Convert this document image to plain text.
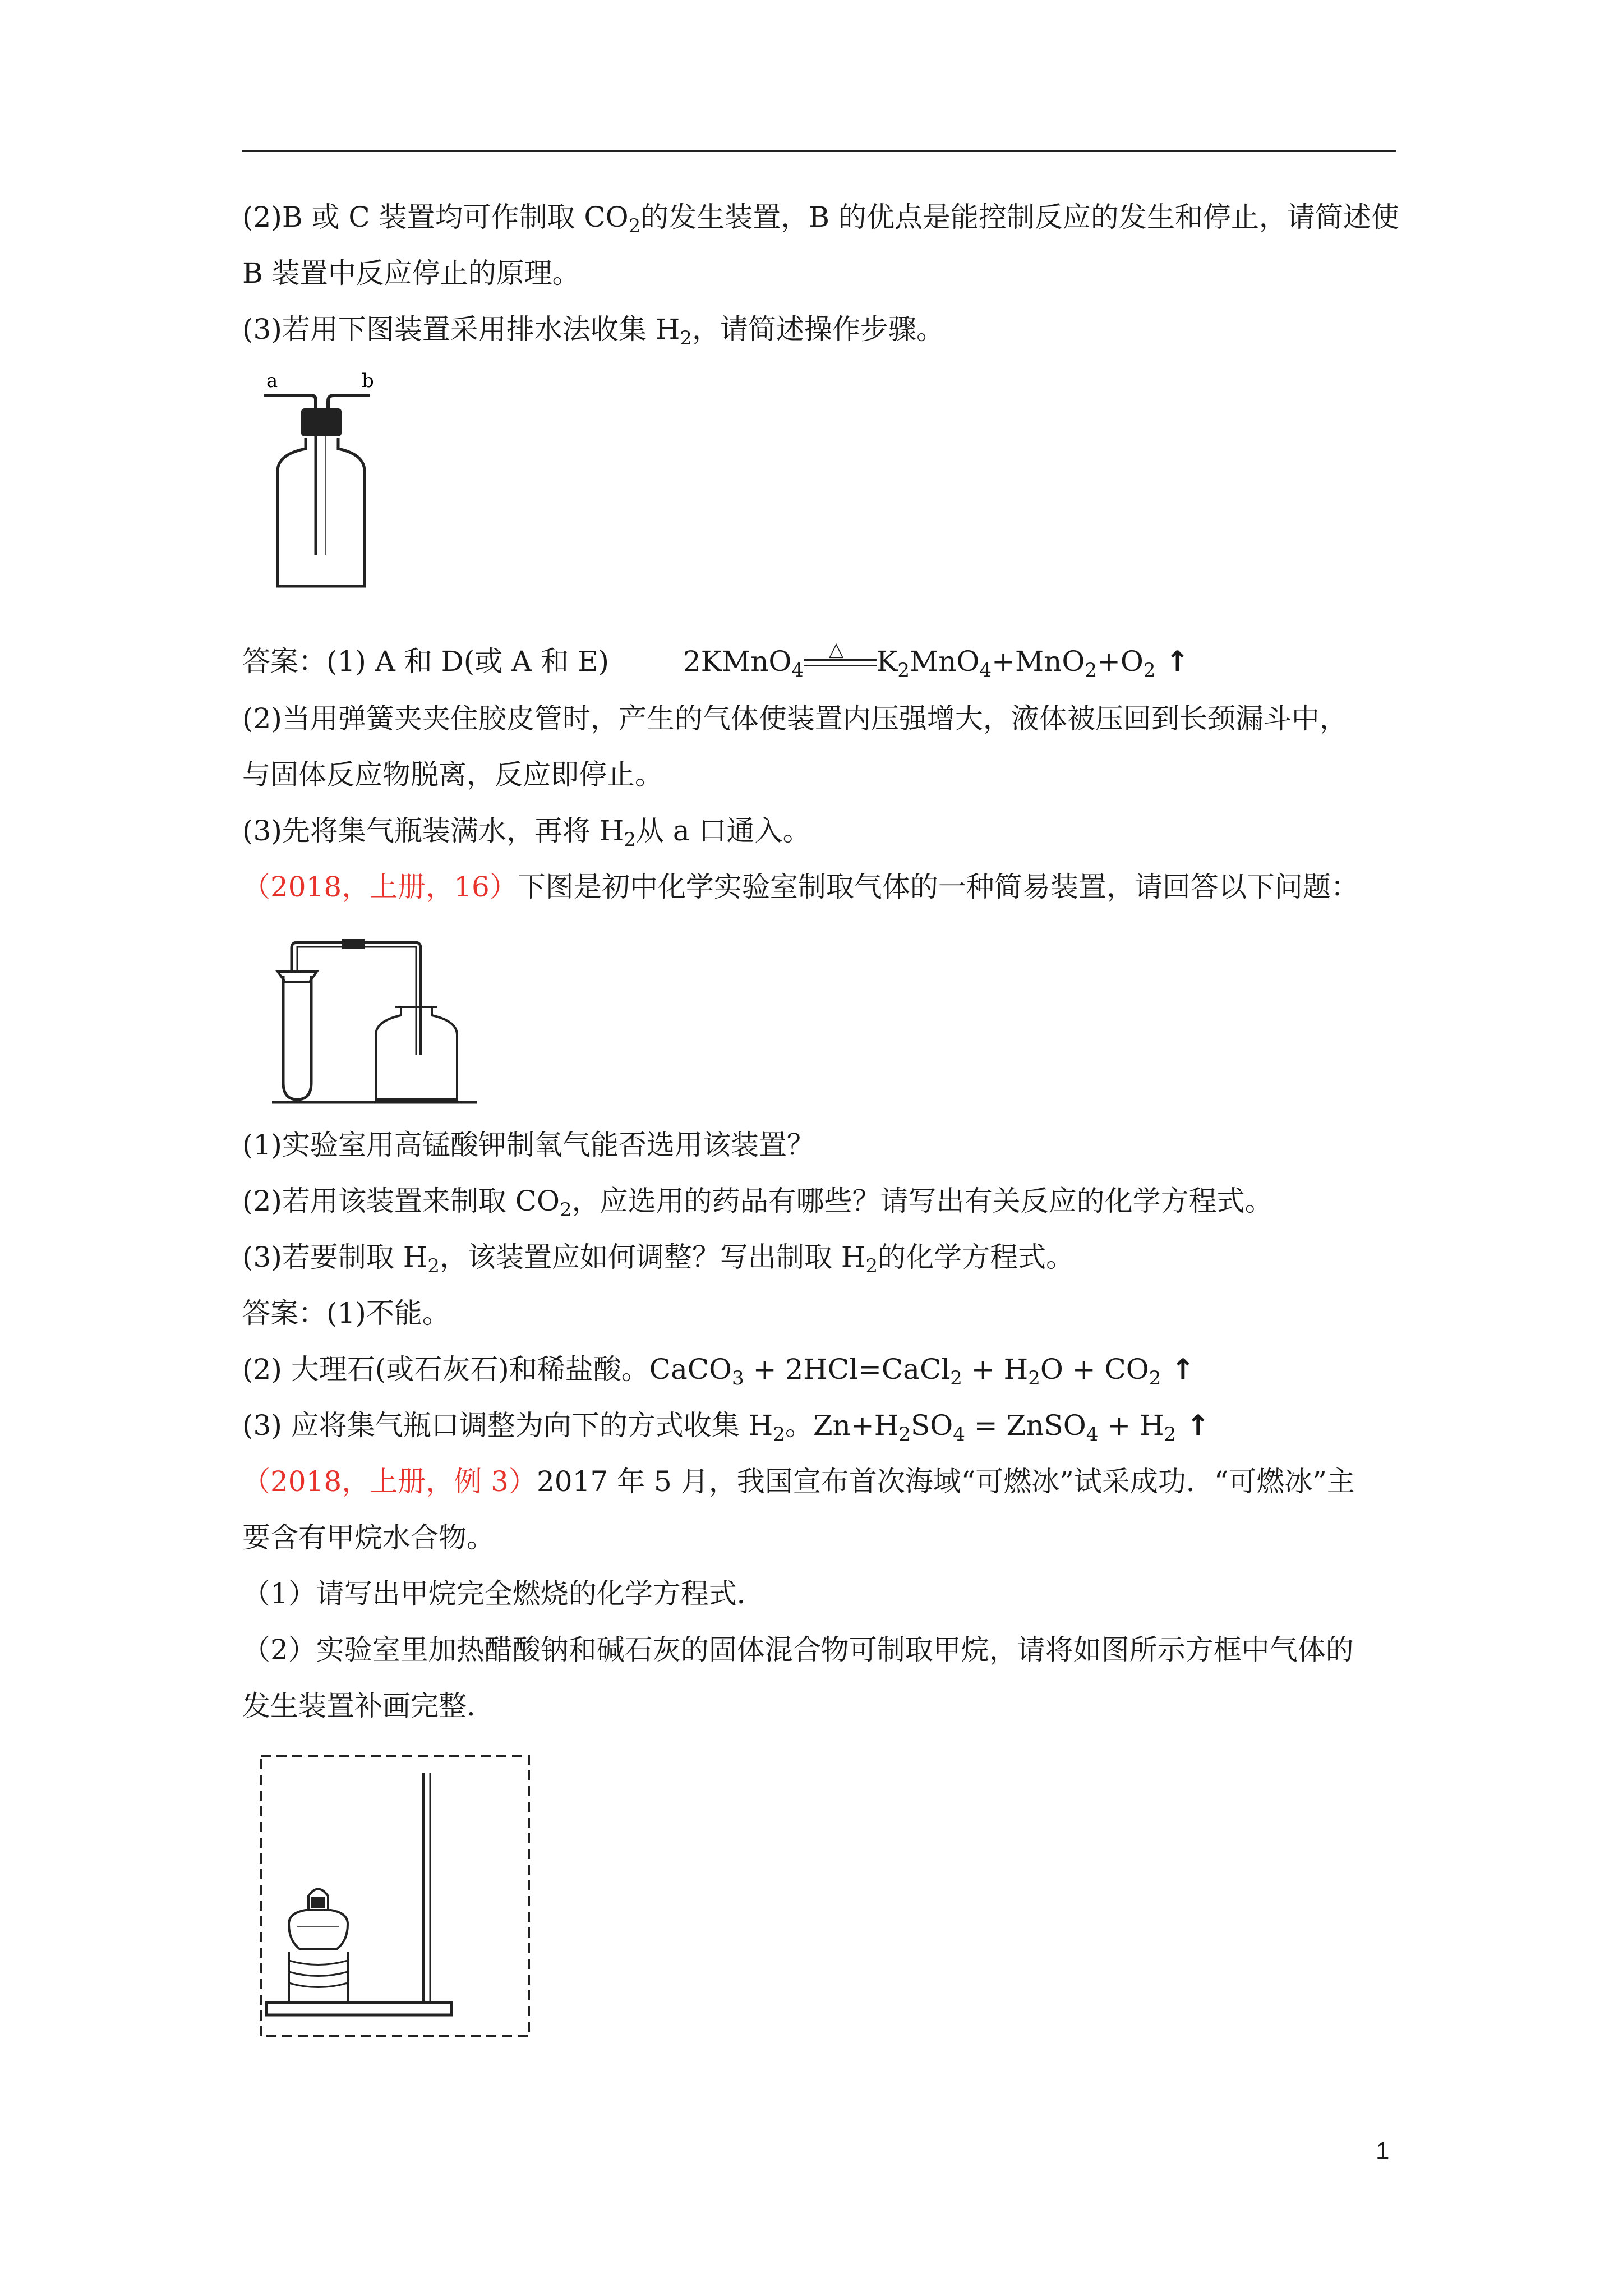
(2)B 或 C 装置均可作制取 $CO_2$的发生装置，B 的优点是能控制反应的发生和停止，请简述使
B 装置中反应停止的原理。
(3)若用下图装置采用排水法收集 $H_2$，请简述操作步骤。
a	b
答案：(1) A 和 D(或 A 和 E)	2KMnO$_4$
△ $K_2MnO_4+MnO_2+O_2$ ↑
(2)当用弹簧夹夹住胶皮管时，产生的气体使装置内压强增大，液体被压回到长颈漏斗中，
与固体反应物脱离，反应即停止。
(3)先将集气瓶装满水，再将 $H_2$从 a 口通入。
（2018，上册，16）下图是初中化学实验室制取气体的一种简易装置，请回答以下问题：
(1)实验室用高锰酸钾制氧气能否选用该装置？
(2)若用该装置来制取 $CO_2$，应选用的药品有哪些？请写出有关反应的化学方程式。
(3)若要制取 $H_2$，该装置应如何调整？写出制取 $H_2$的化学方程式。
答案：(1)不能。
(2) 大理石(或石灰石)和稀盐酸。CaCO$_3$ + 2HCl=CaCl$_2$ + $H_2O + CO_2$ ↑
(3) 应将集气瓶口调整为向下的方式收集 $H_2$。$Zn+H_2SO_4$ = ZnSO$_4$ + $H_2$ ↑
（2018，上册，例 3）2017 年 5 月，我国宣布首次海域“可燃冰”试采成功．“可燃冰”主
要含有甲烷水合物。
（1）请写出甲烷完全燃烧的化学方程式．
（2）实验室里加热醋酸钠和碱石灰的固体混合物可制取甲烷，请将如图所示方框中气体的
发生装置补画完整．
1
